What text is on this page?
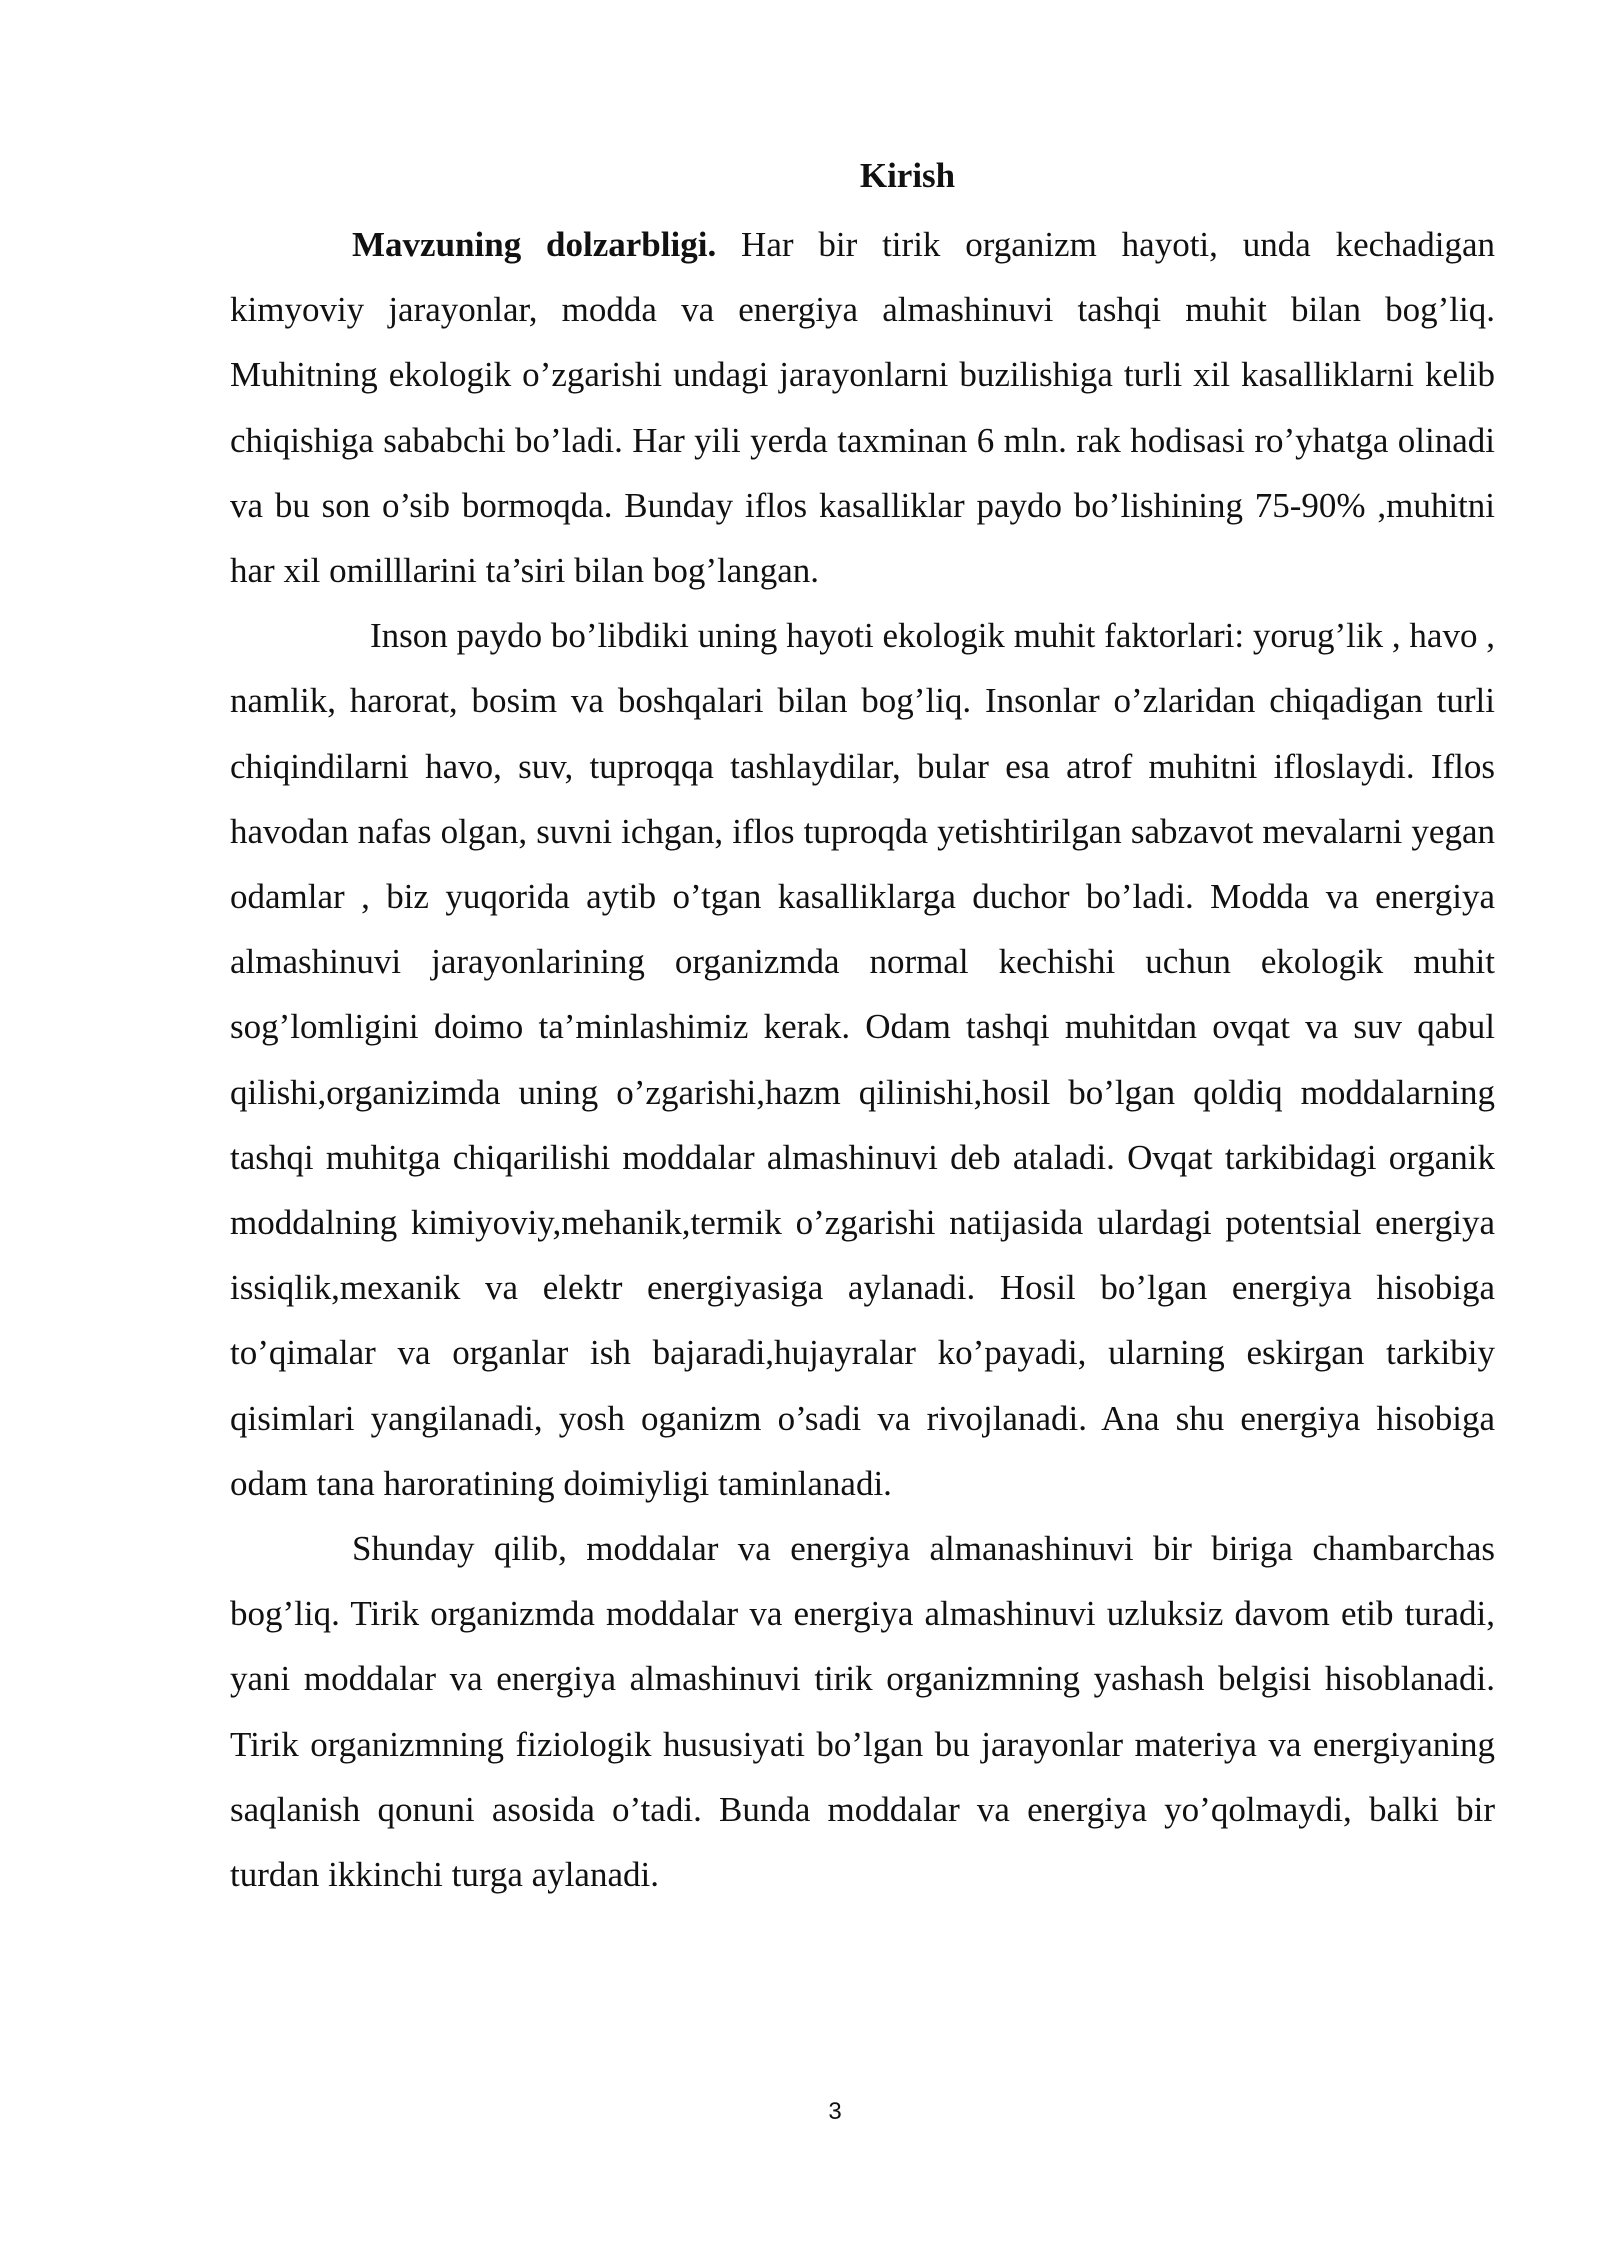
Kirish

Mavzuning dolzarbligi. Har bir tirik organizm hayoti, unda kechadigan kimyoviy jarayonlar, modda va energiya almashinuvi tashqi muhit bilan bog’liq. Muhitning ekologik o’zgarishi undagi jarayonlarni buzilishiga turli xil kasalliklarni kelib chiqishiga sababchi bo’ladi. Har yili yerda taxminan 6 mln. rak hodisasi ro’yhatga olinadi va bu son o’sib bormoqda. Bunday iflos kasalliklar paydo bo’lishining 75-90% ,muhitni har xil omilllarini ta’siri bilan bog’langan.

Inson paydo bo’libdiki uning hayoti ekologik muhit faktorlari: yorug’lik , havo , namlik, harorat, bosim va boshqalari bilan bog’liq. Insonlar o’zlaridan chiqadigan turli chiqindilarni havo, suv, tuproqqa tashlaydilar, bular esa atrof muhitni ifloslaydi. Iflos havodan nafas olgan, suvni ichgan, iflos tuproqda yetishtirilgan sabzavot mevalarni yegan odamlar , biz yuqorida aytib o’tgan kasalliklarga duchor bo’ladi. Modda va energiya almashinuvi jarayonlarining organizmda normal kechishi uchun ekologik muhit sog’lomligini doimo ta’minlashimiz kerak. Odam tashqi muhitdan ovqat va suv qabul qilishi,organizimda uning o’zgarishi,hazm qilinishi,hosil bo’lgan qoldiq moddalarning tashqi muhitga chiqarilishi moddalar almashinuvi deb ataladi. Ovqat tarkibidagi organik moddalning kimiyoviy,mehanik,termik o’zgarishi natijasida ulardagi potentsial energiya issiqlik,mexanik va elektr energiyasiga aylanadi. Hosil bo’lgan energiya hisobiga to’qimalar va organlar ish bajaradi,hujayralar ko’payadi, ularning eskirgan tarkibiy qisimlari yangilanadi, yosh oganizm o’sadi va rivojlanadi. Ana shu energiya hisobiga odam tana haroratining doimiyligi taminlanadi.

Shunday qilib, moddalar va energiya almanashinuvi bir biriga chambarchas bog’liq. Tirik organizmda moddalar va energiya almashinuvi uzluksiz davom etib turadi, yani moddalar va energiya almashinuvi tirik organizmning yashash belgisi hisoblanadi. Tirik organizmning fiziologik hususiyati bo’lgan bu jarayonlar materiya va energiyaning saqlanish qonuni asosida o’tadi. Bunda moddalar va energiya yo’qolmaydi, balki bir turdan ikkinchi turga aylanadi.

3
